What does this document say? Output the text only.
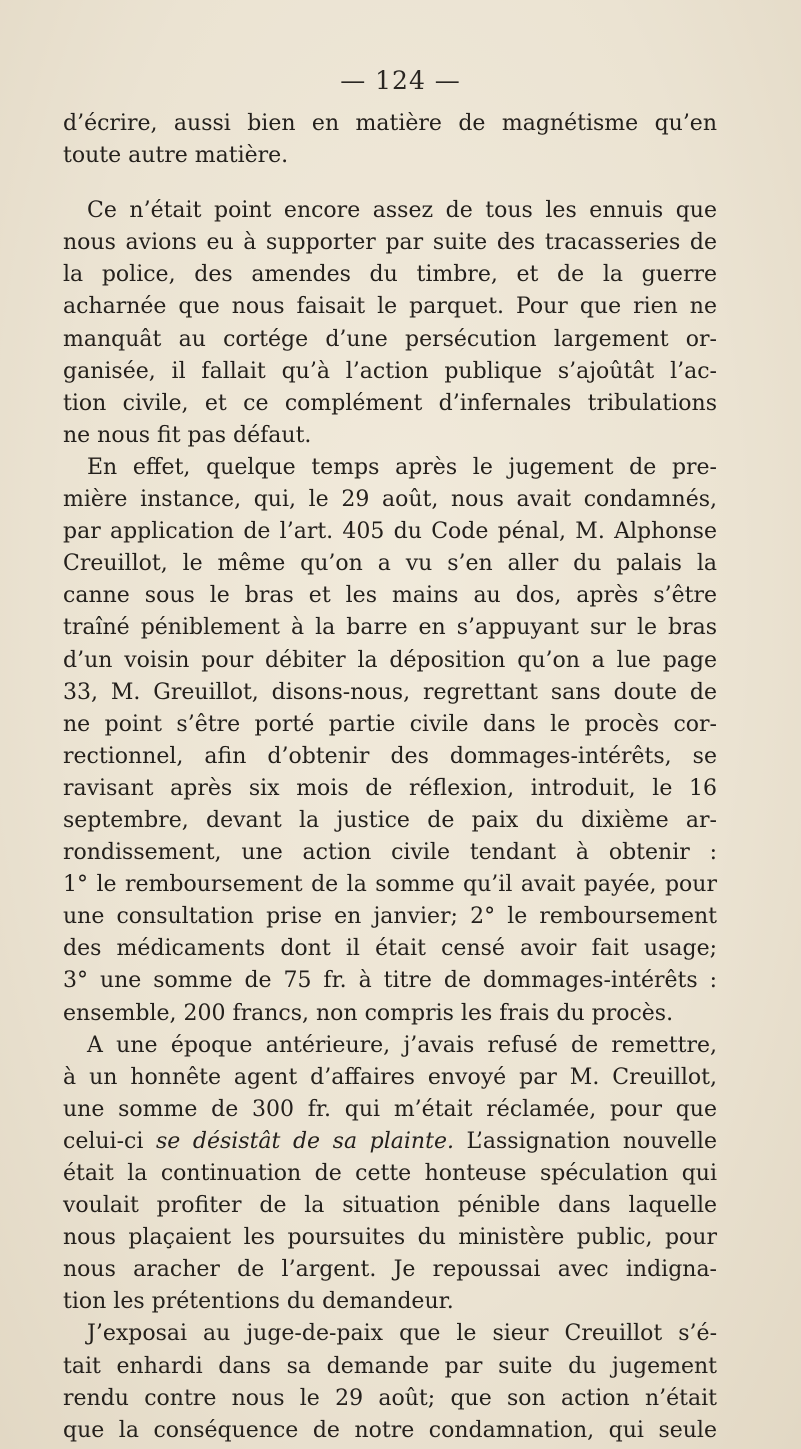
— 124 —
d’écrire, aussi bien en matière de magnétisme qu’en
toute autre matière.
Ce n’était point encore assez de tous les ennuis que
nous avions eu à supporter par suite des tracasseries de
la police, des amendes du timbre, et de la guerre
acharnée que nous faisait le parquet. Pour que rien ne
manquât au cortége d’une persécution largement or-
ganisée, il fallait qu’à l’action publique s’ajoûtât l’ac-
tion civile, et ce complément d’infernales tribulations
ne nous fit pas défaut.
En effet, quelque temps après le jugement de pre-
mière instance, qui, le 29 août, nous avait condamnés,
par application de l’art. 405 du Code pénal, M. Alphonse
Creuillot, le même qu’on a vu s’en aller du palais la
canne sous le bras et les mains au dos, après s’être
traîné péniblement à la barre en s’appuyant sur le bras
d’un voisin pour débiter la déposition qu’on a lue page
33, M. Greuillot, disons-nous, regrettant sans doute de
ne point s’être porté partie civile dans le procès cor-
rectionnel, afin d’obtenir des dommages-intérêts, se
ravisant après six mois de réflexion, introduit, le 16
septembre, devant la justice de paix du dixième ar-
rondissement, une action civile tendant à obtenir :
1° le remboursement de la somme qu’il avait payée, pour
une consultation prise en janvier; 2° le remboursement
des médicaments dont il était censé avoir fait usage;
3° une somme de 75 fr. à titre de dommages-intérêts :
ensemble, 200 francs, non compris les frais du procès.
A une époque antérieure, j’avais refusé de remettre,
à un honnête agent d’affaires envoyé par M. Creuillot,
une somme de 300 fr. qui m’était réclamée, pour que
celui-ci se désistât de sa plainte. L’assignation nouvelle
était la continuation de cette honteuse spéculation qui
voulait profiter de la situation pénible dans laquelle
nous plaçaient les poursuites du ministère public, pour
nous aracher de l’argent. Je repoussai avec indigna-
tion les prétentions du demandeur.
J’exposai au juge-de-paix que le sieur Creuillot s’é-
tait enhardi dans sa demande par suite du jugement
rendu contre nous le 29 août; que son action n’était
que la conséquence de notre condamnation, qui seule
